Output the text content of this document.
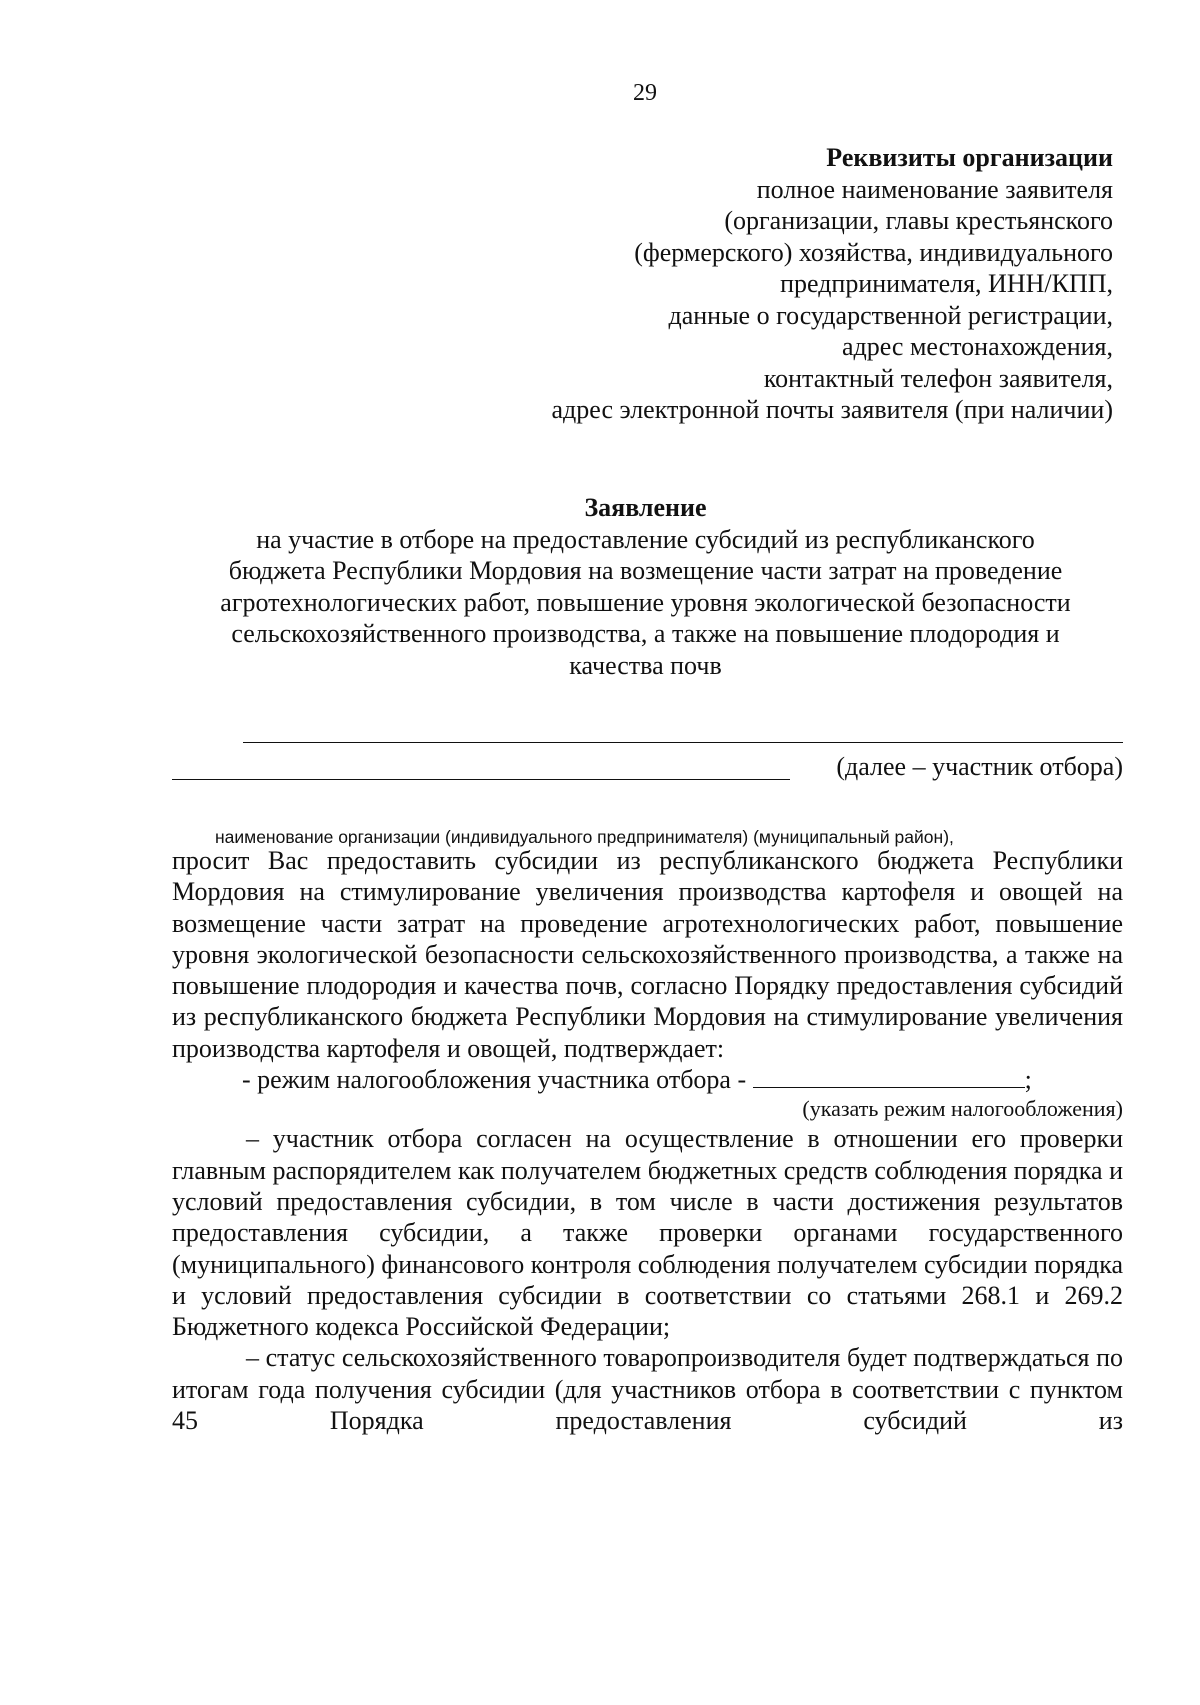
29
Реквизиты организации
полное наименование заявителя
(организации, главы крестьянского
(фермерского) хозяйства, индивидуального
предпринимателя, ИНН/КПП,
данные о государственной регистрации,
адрес местонахождения,
контактный телефон заявителя,
адрес электронной почты заявителя (при наличии)
Заявление
на участие в отборе на предоставление субсидий из республиканского
бюджета Республики Мордовия на возмещение части затрат на проведение
агротехнологических работ, повышение уровня экологической безопасности
сельскохозяйственного производства, а также на повышение плодородия и
качества почв
(далее – участник отбора)
наименование организации (индивидуального предпринимателя) (муниципальный район),

просит Вас предоставить субсидии из республиканского бюджета Республики Мордовия на стимулирование увеличения производства картофеля и овощей на возмещение части затрат на проведение агротехнологических работ, повышение уровня экологической безопасности сельскохозяйственного производства, а также на повышение плодородия и качества почв, согласно Порядку предоставления субсидий из республиканского бюджета Республики Мордовия на стимулирование увеличения производства картофеля и овощей, подтверждает:

- режим налогообложения участника отбора -	;

(указать режим налогообложения)

– участник отбора согласен на осуществление в отношении его проверки главным распорядителем как получателем бюджетных средств соблюдения порядка и условий предоставления субсидии, в том числе в части достижения результатов предоставления субсидии, а также проверки органами государственного (муниципального) финансового контроля соблюдения получателем субсидии порядка и условий предоставления субсидии в соответствии со статьями 268.1 и 269.2 Бюджетного кодекса Российской Федерации;

– статус сельскохозяйственного товаропроизводителя будет подтверждаться по итогам года получения субсидии (для участников отбора в соответствии с пунктом 45 Порядка предоставления субсидий из
